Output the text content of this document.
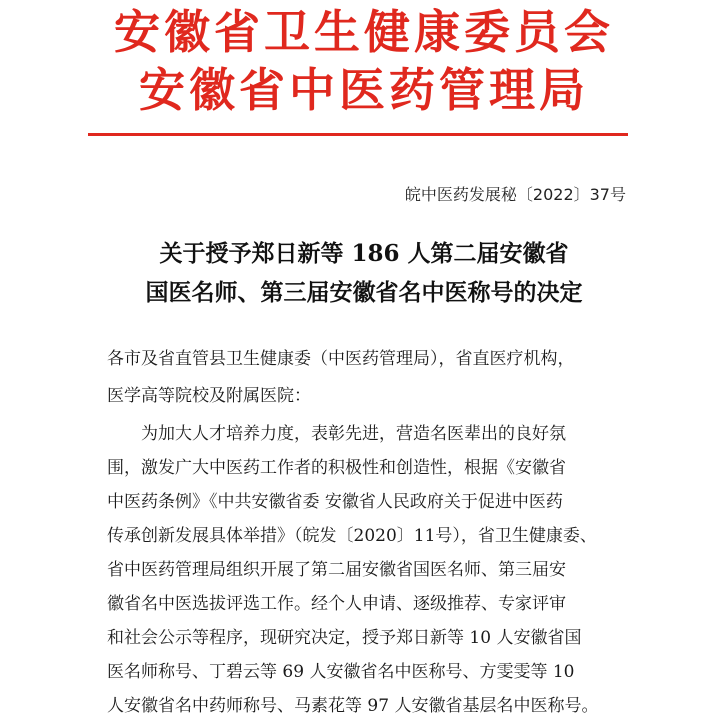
安徽省卫生健康委员会
安徽省中医药管理局
皖中医药发展秘〔2022〕37号
关于授予郑日新等 186 人第二届安徽省
国医名师、第三届安徽省名中医称号的决定
各市及省直管县卫生健康委（中医药管理局），省直医疗机构，
医学高等院校及附属医院：
为加大人才培养力度，表彰先进，营造名医辈出的良好氛
围，激发广大中医药工作者的积极性和创造性，根据《安徽省
中医药条例》《中共安徽省委 安徽省人民政府关于促进中医药
传承创新发展具体举措》（皖发〔2020〕11号），省卫生健康委、
省中医药管理局组织开展了第二届安徽省国医名师、第三届安
徽省名中医选拔评选工作。经个人申请、逐级推荐、专家评审
和社会公示等程序，现研究决定，授予郑日新等 10 人安徽省国
医名师称号、丁碧云等 69 人安徽省名中医称号、方雯雯等 10
人安徽省名中药师称号、马素花等 97 人安徽省基层名中医称号。
